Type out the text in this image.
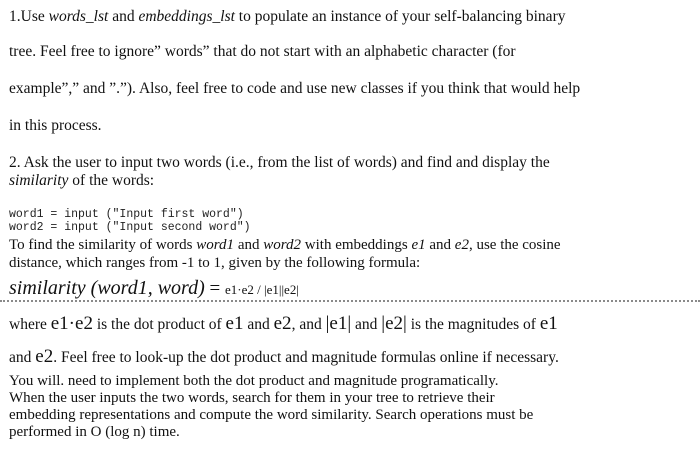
1.Use words_lst and embeddings_lst to populate an instance of your self-balancing binary
tree. Feel free to ignore” words” that do not start with an alphabetic character (for
example”,” and ”.”). Also, feel free to code and use new classes if you think that would help
in this process.
2. Ask the user to input two words (i.e., from the list of words) and find and display the
similarity of the words:
word1 = input ("Input first word")
word2 = input ("Input second word")
To find the similarity of words word1 and word2 with embeddings e1 and e2, use the cosine
distance, which ranges from -1 to 1, given by the following formula:
similarity (word1, word) = e1·e2 / |e1||e2|
where e1·e2 is the dot product of e1 and e2, and |e1| and |e2| is the magnitudes of e1
and e2. Feel free to look-up the dot product and magnitude formulas online if necessary.
You will. need to implement both the dot product and magnitude programatically.
When the user inputs the two words, search for them in your tree to retrieve their
embedding representations and compute the word similarity. Search operations must be
performed in O (log n) time.
